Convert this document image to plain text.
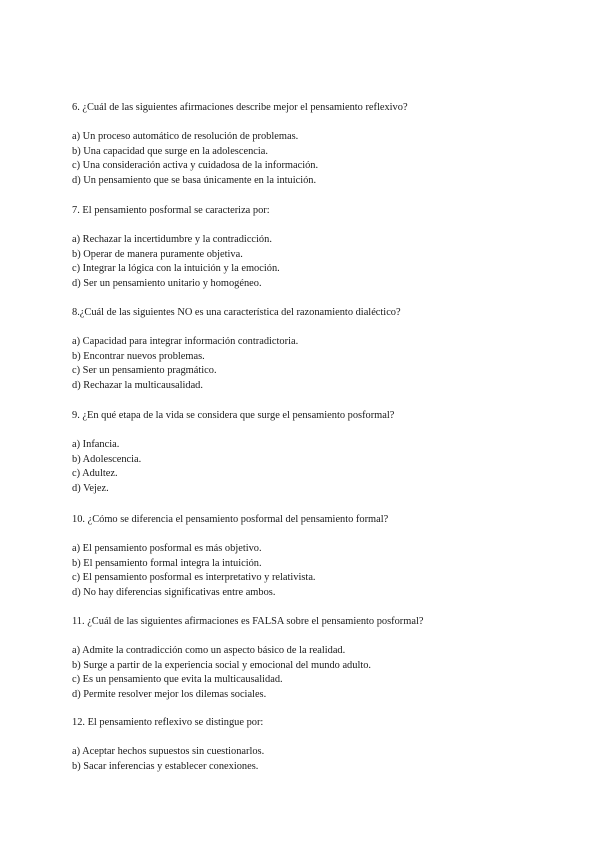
6. ¿Cuál de las siguientes afirmaciones describe mejor el pensamiento reflexivo?

a) Un proceso automático de resolución de problemas.
b) Una capacidad que surge en la adolescencia.
c) Una consideración activa y cuidadosa de la información.
d) Un pensamiento que se basa únicamente en la intuición.

7. El pensamiento posformal se caracteriza por:

a) Rechazar la incertidumbre y la contradicción.
b) Operar de manera puramente objetiva.
c) Integrar la lógica con la intuición y la emoción.
d) Ser un pensamiento unitario y homogéneo.

8.¿Cuál de las siguientes NO es una característica del razonamiento dialéctico?

a) Capacidad para integrar información contradictoria.
b) Encontrar nuevos problemas.
c) Ser un pensamiento pragmático.
d) Rechazar la multicausalidad.

9. ¿En qué etapa de la vida se considera que surge el pensamiento posformal?

a) Infancia.
b) Adolescencia.
c) Adultez.
d) Vejez.

10. ¿Cómo se diferencia el pensamiento posformal del pensamiento formal?

a) El pensamiento posformal es más objetivo.
b) El pensamiento formal integra la intuición.
c) El pensamiento posformal es interpretativo y relativista.
d) No hay diferencias significativas entre ambos.

11. ¿Cuál de las siguientes afirmaciones es FALSA sobre el pensamiento posformal?

a) Admite la contradicción como un aspecto básico de la realidad.
b) Surge a partir de la experiencia social y emocional del mundo adulto.
c) Es un pensamiento que evita la multicausalidad.
d) Permite resolver mejor los dilemas sociales.

12. El pensamiento reflexivo se distingue por:

a) Aceptar hechos supuestos sin cuestionarlos.
b) Sacar inferencias y establecer conexiones.
